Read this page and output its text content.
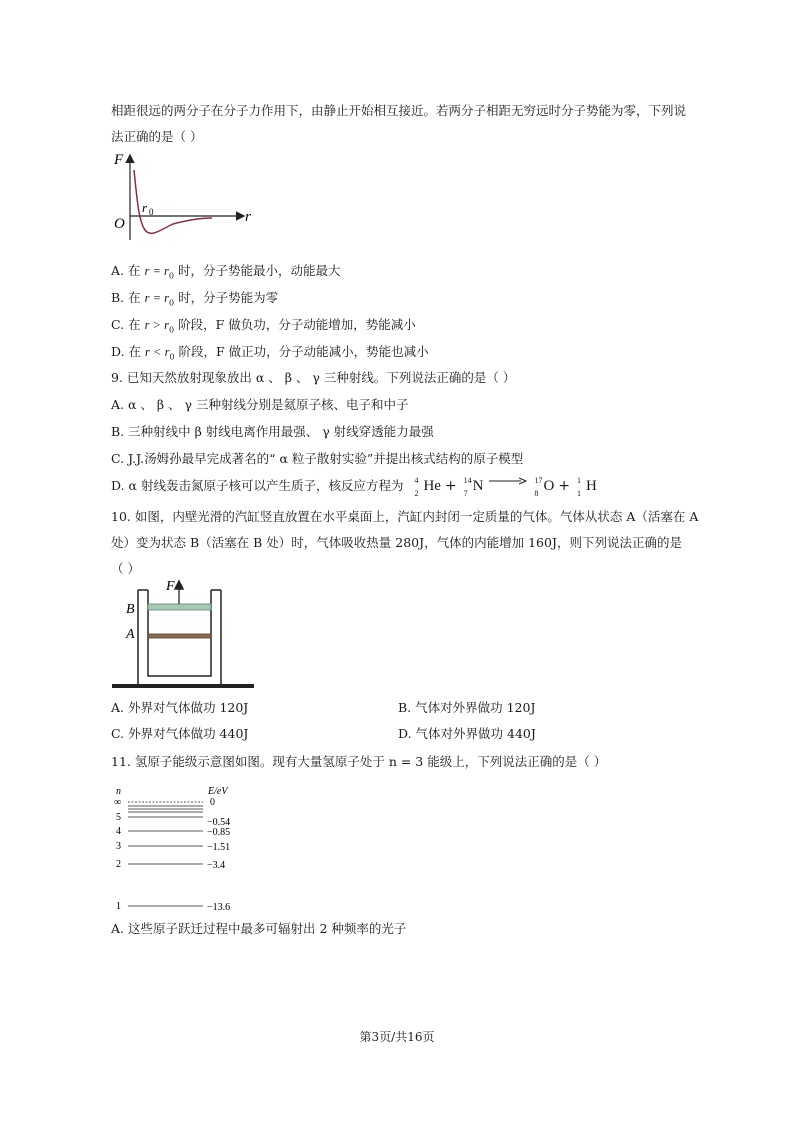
相距很远的两分子在分子力作用下，由静止开始相互接近。若两分子相距无穷远时分子势能为零，下列说
法正确的是（ ）
F
r
O
r 0
A. 在 $r = r_0$ 时，分子势能最小，动能最大
B. 在 $r = r_0$ 时，分子势能为零
C. 在 $r > r_0$ 阶段，F 做负功，分子动能增加，势能减小
D. 在 $r < r_0$ 阶段，F 做正功，分子动能减小，势能也减小
9. 已知天然放射现象放出 α 、 β 、 γ 三种射线。下列说法正确的是（ ）
A. α 、 β 、 γ 三种射线分别是氦原子核、电子和中子
B. 三种射线中 β 射线电离作用最强、 γ 射线穿透能力最强
C. J.J.汤姆孙最早完成著名的“ α 粒子散射实验”并提出核式结构的原子模型
D. α 射线轰击氮原子核可以产生质子，核反应方程为 4
2 He + 14
7 N → 17
8 O + 1
1 H
10. 如图，内壁光滑的汽缸竖直放置在水平桌面上，汽缸内封闭一定质量的气体。气体从状态 A（活塞在 A
处）变为状态 B（活塞在 B 处）时，气体吸收热量 280J，气体的内能增加 160J，则下列说法正确的是
（ ）
F
B
A
A. 外界对气体做功 120J	B. 气体对外界做功 120J
C. 外界对气体做功 440J	D. 气体对外界做功 440J
11. 氢原子能级示意图如图。现有大量氢原子处于 n = 3 能级上，下列说法正确的是（ ）
n	E/eV
∞
5
4
3
2
1
0
−0.54
−0.85
−1.51
−3.4
−13.6
A. 这些原子跃迁过程中最多可辐射出 2 种频率的光子
第3页/共16页
